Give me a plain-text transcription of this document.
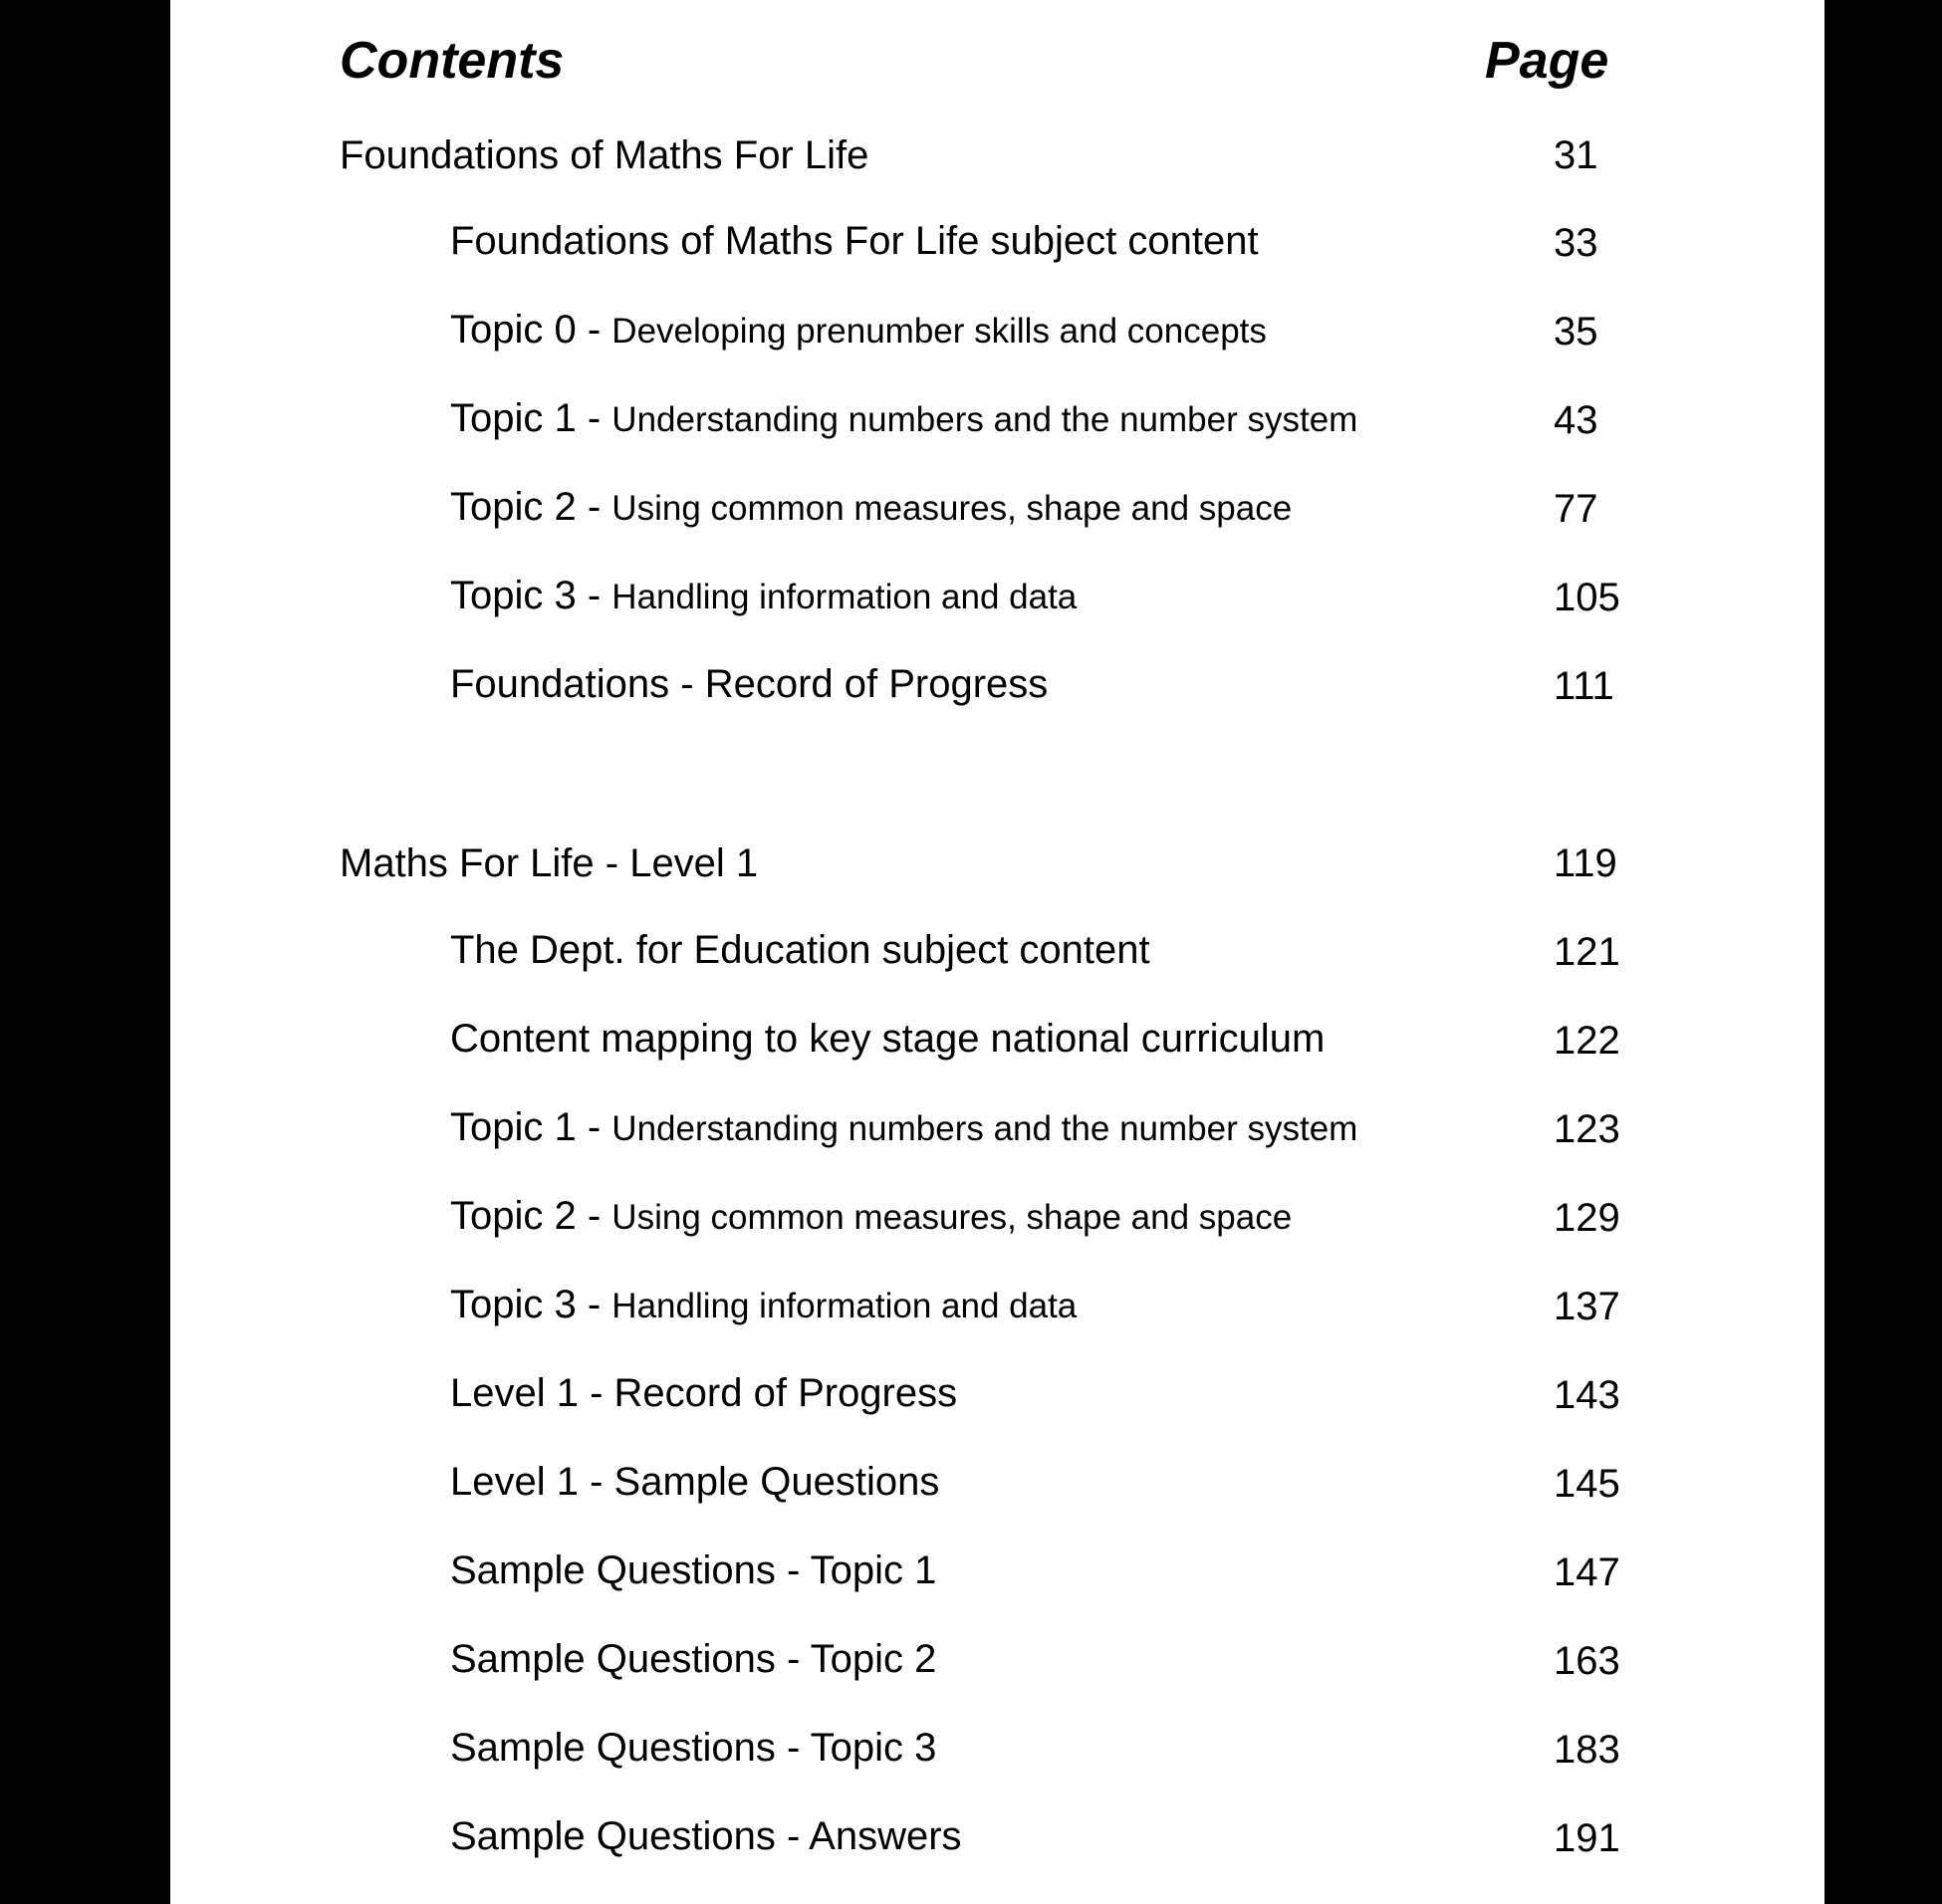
Contents	Page
Foundations of Maths For Life	31
Foundations of Maths For Life subject content	33
Topic 0 - Developing prenumber skills and concepts	35
Topic 1 - Understanding numbers and the number system	43
Topic 2 - Using common measures, shape and space	77
Topic 3 - Handling information and data	105
Foundations - Record of Progress	111
Maths For Life - Level 1	119
The Dept. for Education subject content	121
Content mapping to key stage national curriculum	122
Topic 1 - Understanding numbers and the number system	123
Topic 2 - Using common measures, shape and space	129
Topic 3 - Handling information and data	137
Level 1 - Record of Progress	143
Level 1 - Sample Questions	145
Sample Questions - Topic 1	147
Sample Questions - Topic 2	163
Sample Questions - Topic 3	183
Sample Questions - Answers	191
